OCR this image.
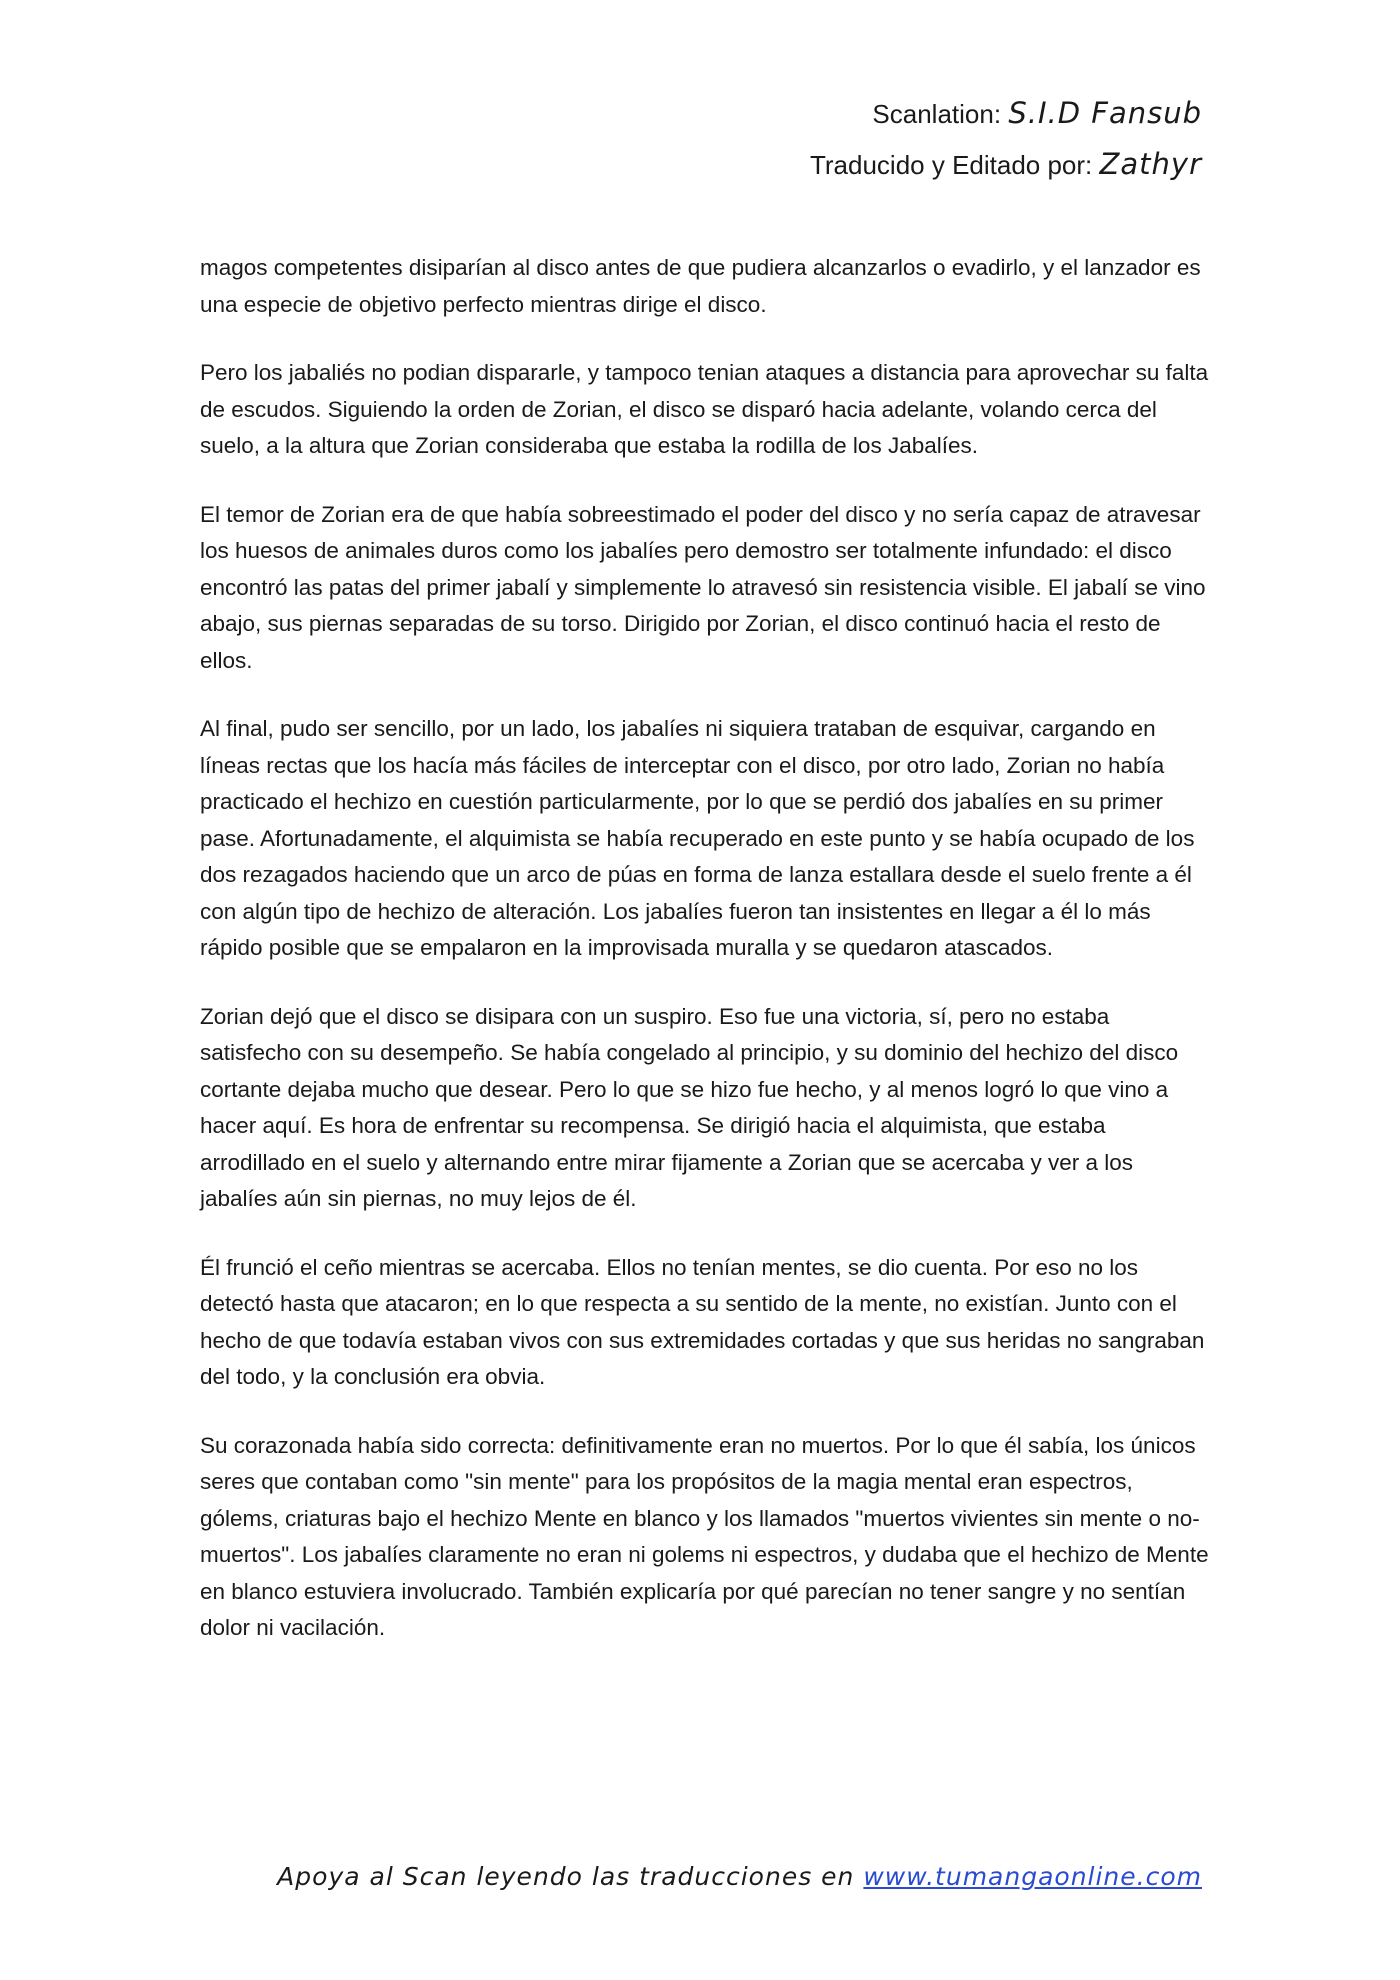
Scanlation: S.I.D Fansub
Traducido y Editado por: Zathyr

magos competentes disiparían al disco antes de que pudiera alcanzarlos o evadirlo, y el lanzador es una especie de objetivo perfecto mientras dirige el disco.

Pero los jabaliés no podian dispararle, y tampoco tenian ataques a distancia para aprovechar su falta de escudos. Siguiendo la orden de Zorian, el disco se disparó hacia adelante, volando cerca del suelo, a la altura que Zorian consideraba que estaba la rodilla de los Jabalíes.

El temor de Zorian era de que había sobreestimado el poder del disco y no sería capaz de atravesar los huesos de animales duros como los jabalíes pero demostro ser totalmente infundado: el disco encontró las patas del primer jabalí y simplemente lo atravesó sin resistencia visible. El jabalí se vino abajo, sus piernas separadas de su torso. Dirigido por Zorian, el disco continuó hacia el resto de ellos.

Al final, pudo ser sencillo, por un lado, los jabalíes ni siquiera trataban de esquivar, cargando en líneas rectas que los hacía más fáciles de interceptar con el disco, por otro lado, Zorian no había practicado el hechizo en cuestión particularmente, por lo que se perdió dos jabalíes en su primer pase. Afortunadamente, el alquimista se había recuperado en este punto y se había ocupado de los dos rezagados haciendo que un arco de púas en forma de lanza estallara desde el suelo frente a él con algún tipo de hechizo de alteración. Los jabalíes fueron tan insistentes en llegar a él lo más rápido posible que se empalaron en la improvisada muralla y se quedaron atascados.

Zorian dejó que el disco se disipara con un suspiro. Eso fue una victoria, sí, pero no estaba satisfecho con su desempeño. Se había congelado al principio, y su dominio del hechizo del disco cortante dejaba mucho que desear. Pero lo que se hizo fue hecho, y al menos logró lo que vino a hacer aquí. Es hora de enfrentar su recompensa. Se dirigió hacia el alquimista, que estaba arrodillado en el suelo y alternando entre mirar fijamente a Zorian que se acercaba y ver a los jabalíes aún sin piernas, no muy lejos de él.

Él frunció el ceño mientras se acercaba. Ellos no tenían mentes, se dio cuenta. Por eso no los detectó hasta que atacaron; en lo que respecta a su sentido de la mente, no existían. Junto con el hecho de que todavía estaban vivos con sus extremidades cortadas y que sus heridas no sangraban del todo, y la conclusión era obvia.

Su corazonada había sido correcta: definitivamente eran no muertos. Por lo que él sabía, los únicos seres que contaban como "sin mente" para los propósitos de la magia mental eran espectros, gólems, criaturas bajo el hechizo Mente en blanco y los llamados "muertos vivientes sin mente o no-muertos". Los jabalíes claramente no eran ni golems ni espectros, y dudaba que el hechizo de Mente en blanco estuviera involucrado. También explicaría por qué parecían no tener sangre y no sentían dolor ni vacilación.

Apoya al Scan leyendo las traducciones en www.tumangaonline.com
